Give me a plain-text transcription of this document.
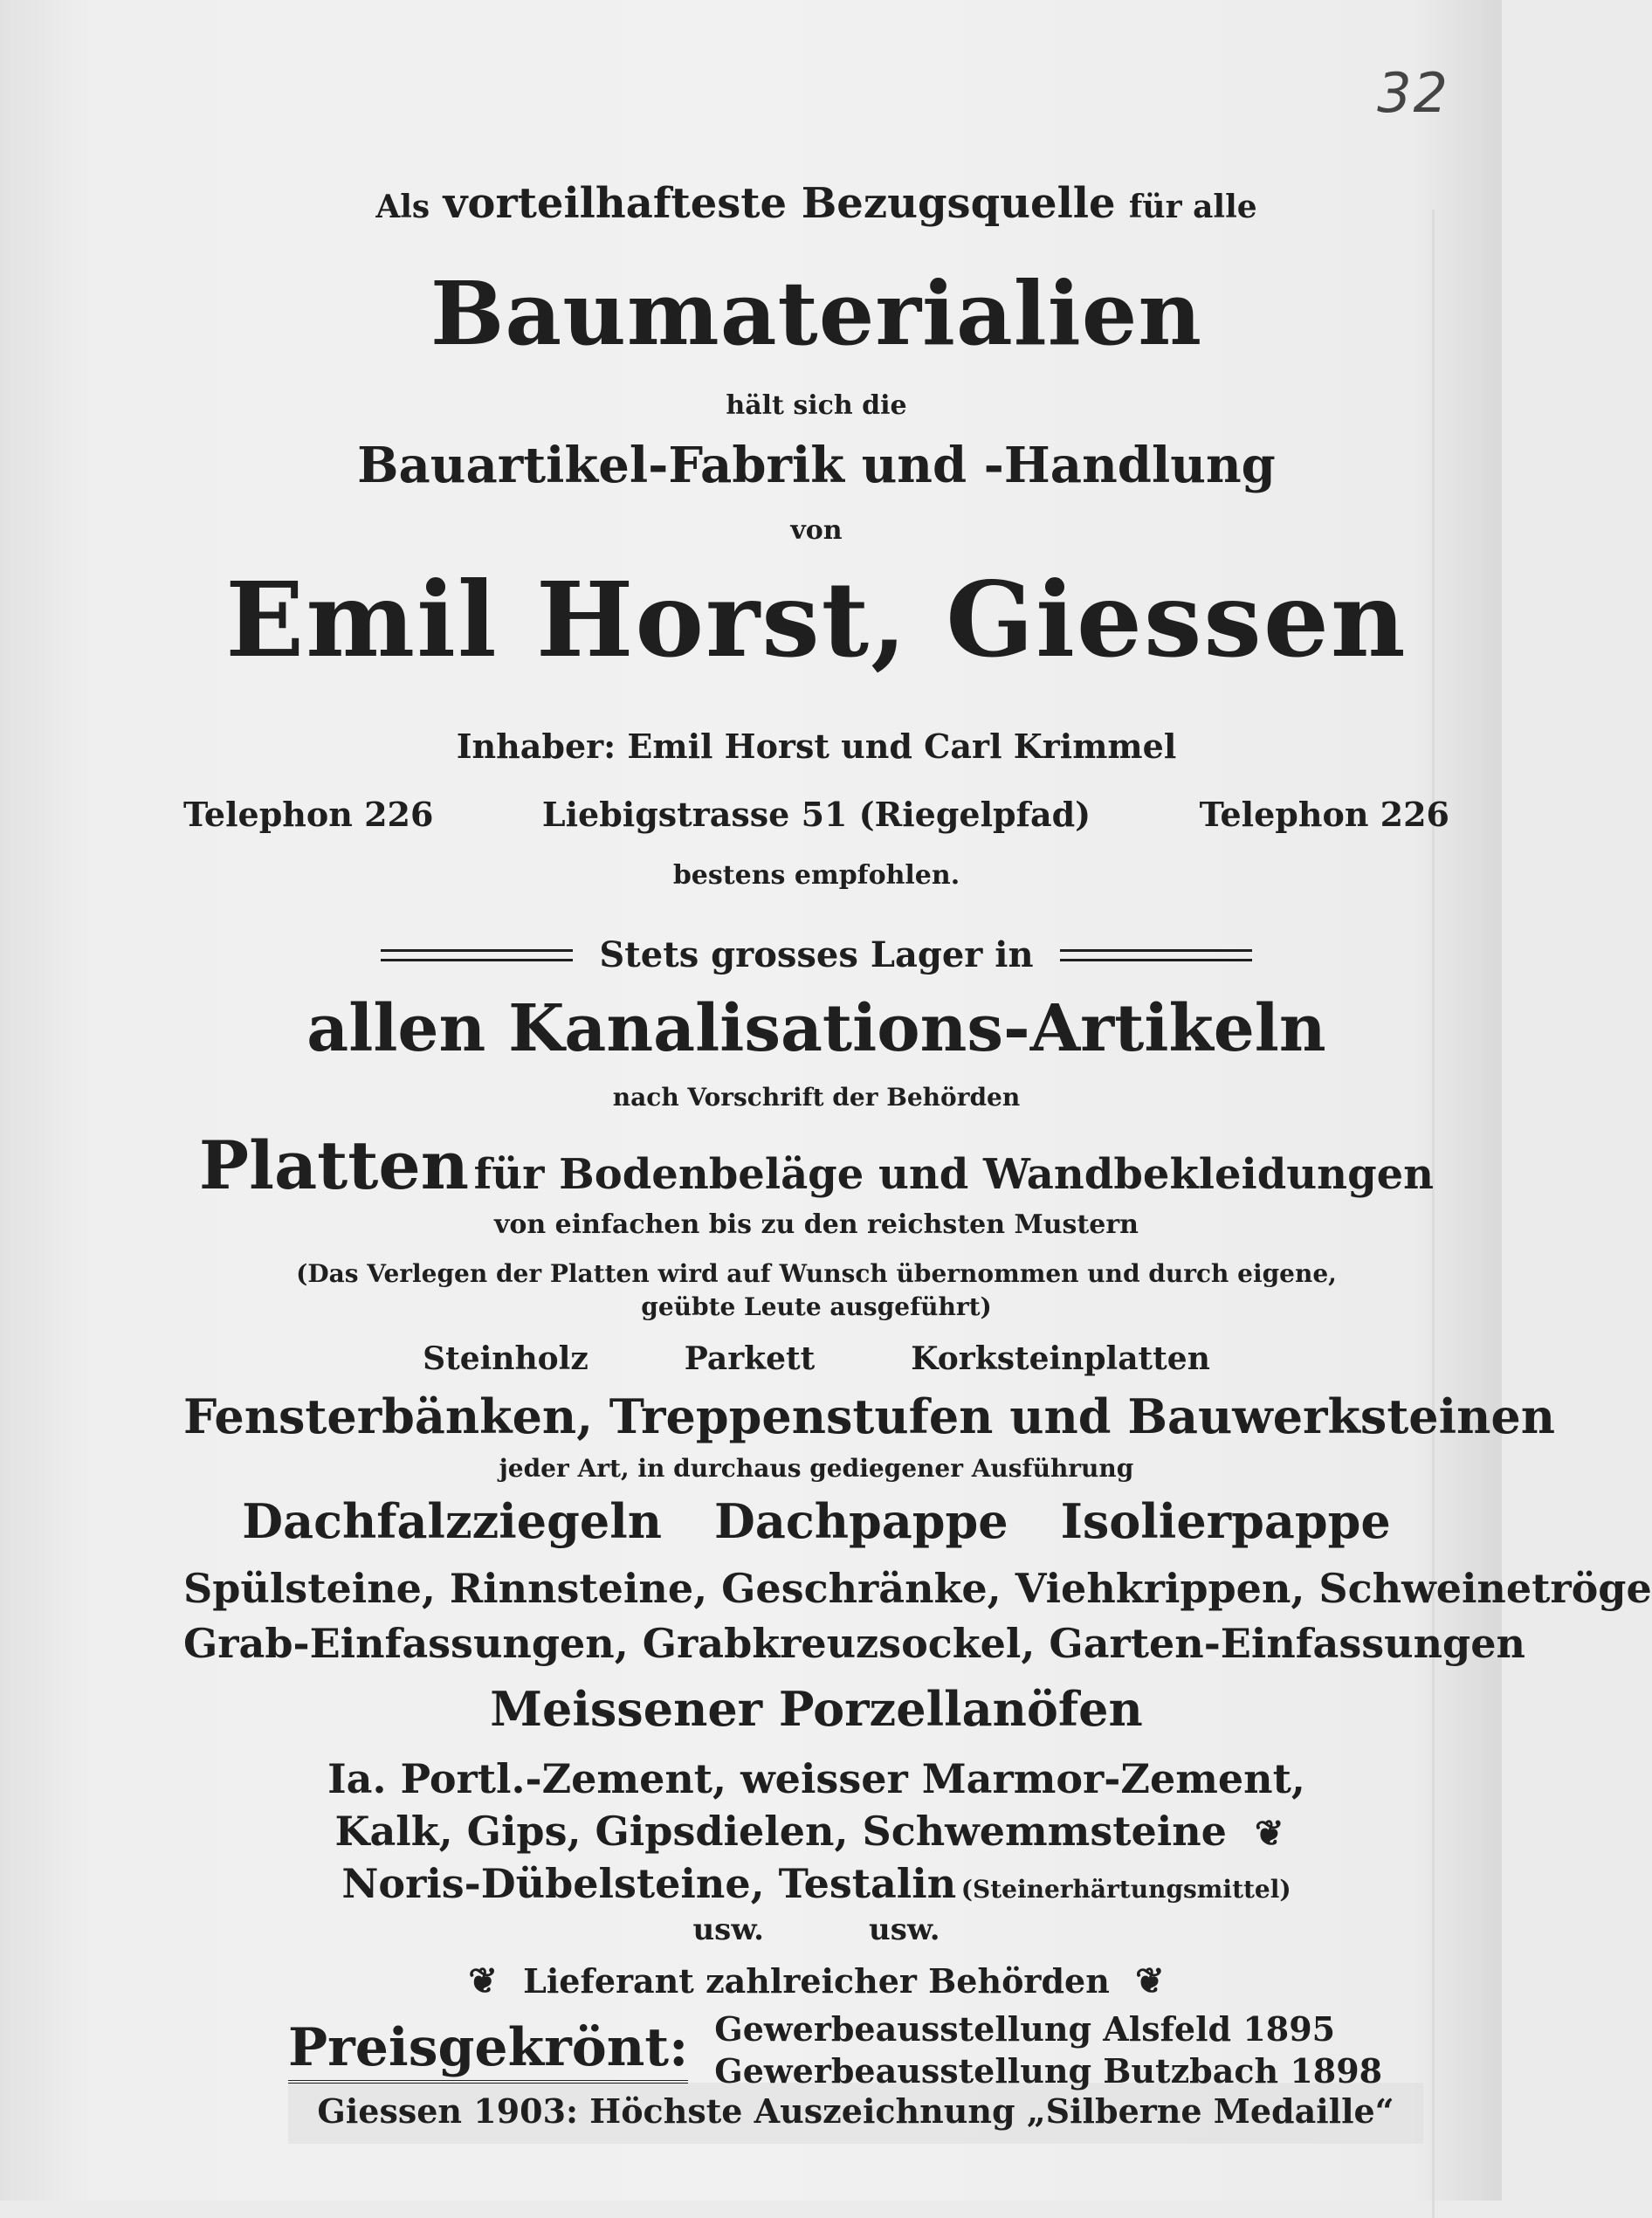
32
Als vorteilhafteste Bezugsquelle für alle
Baumaterialien
hält sich die
Bauartikel-Fabrik und -Handlung
von
Emil Horst, Giessen
Inhaber: Emil Horst und Carl Krimmel
Telephon 226	Liebigstrasse 51 (Riegelpfad)	Telephon 226
bestens empfohlen.
Stets grosses Lager in
allen Kanalisations-Artikeln
nach Vorschrift der Behörden
Platten für Bodenbeläge und Wandbekleidungen
von einfachen bis zu den reichsten Mustern
(Das Verlegen der Platten wird auf Wunsch übernommen und durch eigene,
geübte Leute ausgeführt)
Steinholz	Parkett	Korksteinplatten
Fensterbänken, Treppenstufen und Bauwerksteinen
jeder Art, in durchaus gediegener Ausführung
Dachfalzziegeln Dachpappe Isolierpappe
Spülsteine, Rinnsteine, Geschränke, Viehkrippen, Schweinetröge
Grab-Einfassungen, Grabkreuzsockel, Garten-Einfassungen
Meissener Porzellanöfen
Ia. Portl.-Zement, weisser Marmor-Zement,
Kalk, Gips, Gipsdielen, Schwemmsteine ❦
Noris-Dübelsteine, Testalin (Steinerhärtungsmittel)
usw.	usw.
❦ Lieferant zahlreicher Behörden ❦
Preisgekrönt: Gewerbeausstellung Alsfeld 1895
Gewerbeausstellung Butzbach 1898
Giessen 1903: Höchste Auszeichnung „Silberne Medaille“
